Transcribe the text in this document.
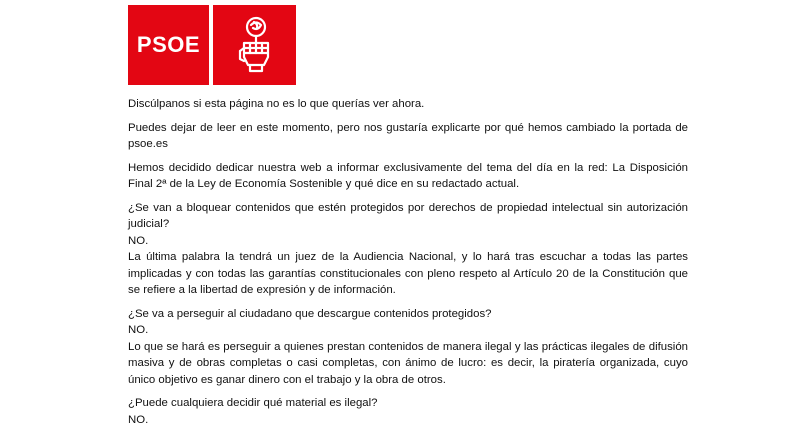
PSOE

Discúlpanos si esta página no es lo que querías ver ahora.

Puedes dejar de leer en este momento, pero nos gustaría explicarte por qué hemos cambiado la portada de psoe.es

Hemos decidido dedicar nuestra web a informar exclusivamente del tema del día en la red: La Disposición Final 2ª de la Ley de Economía Sostenible y qué dice en su redactado actual.

¿Se van a bloquear contenidos que estén protegidos por derechos de propiedad intelectual sin autorización judicial?
NO.
La última palabra la tendrá un juez de la Audiencia Nacional, y lo hará tras escuchar a todas las partes implicadas y con todas las garantías constitucionales con pleno respeto al Artículo 20 de la Constitución que se refiere a la libertad de expresión y de información.
¿Se va a perseguir al ciudadano que descargue contenidos protegidos?
NO.
Lo que se hará es perseguir a quienes prestan contenidos de manera ilegal y las prácticas ilegales de difusión masiva y de obras completas o casi completas, con ánimo de lucro: es decir, la piratería organizada, cuyo único objetivo es ganar dinero con el trabajo y la obra de otros.
¿Puede cualquiera decidir qué material es ilegal?
NO.
